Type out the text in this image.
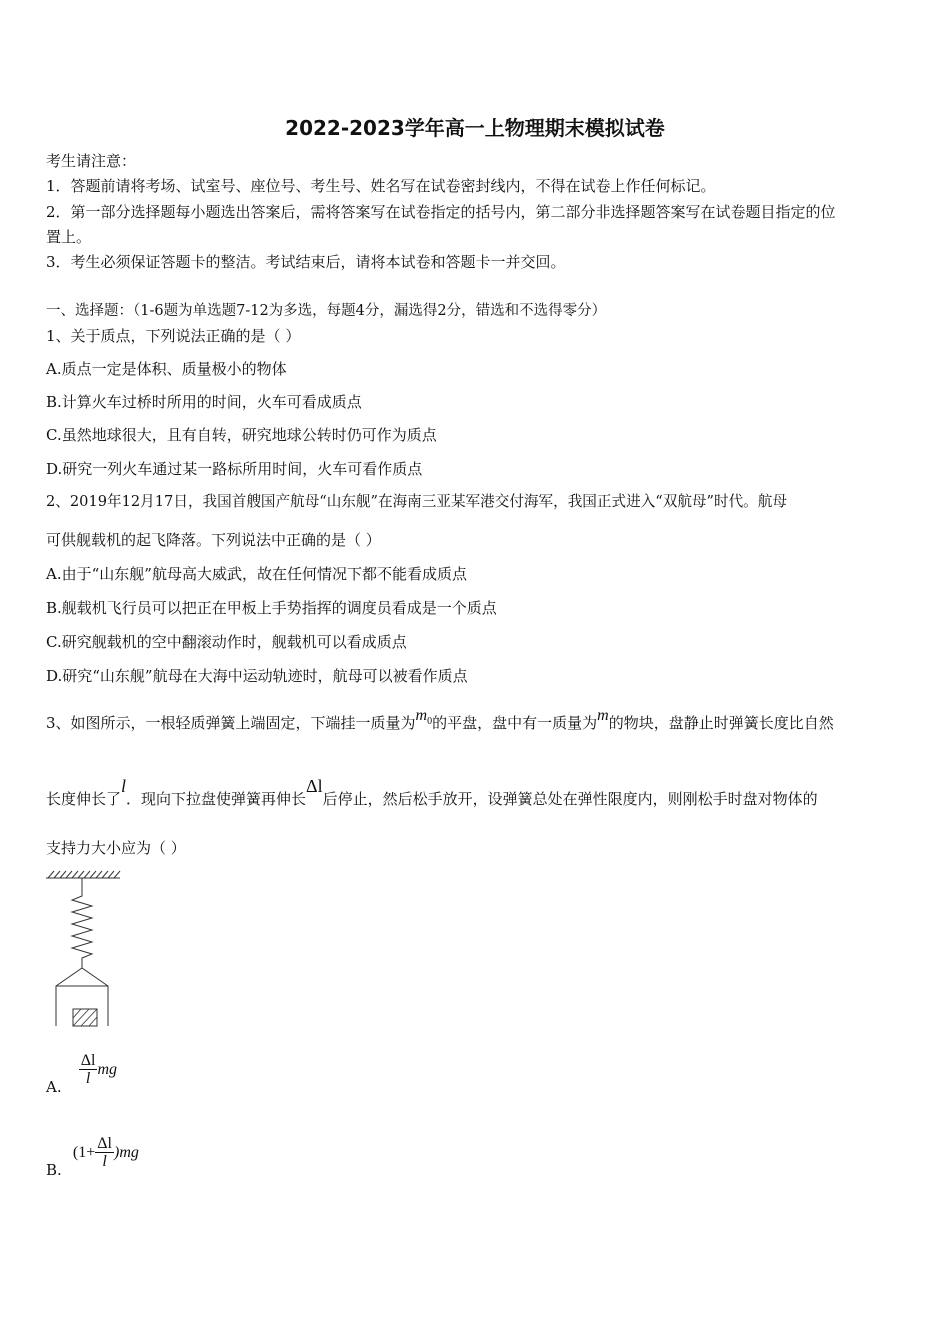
2022-2023学年高一上物理期末模拟试卷
考生请注意：
1．答题前请将考场、试室号、座位号、考生号、姓名写在试卷密封线内，不得在试卷上作任何标记。
2．第一部分选择题每小题选出答案后，需将答案写在试卷指定的括号内，第二部分非选择题答案写在试卷题目指定的位
置上。
3．考生必须保证答题卡的整洁。考试结束后，请将本试卷和答题卡一并交回。
一、选择题：（1-6题为单选题7-12为多选，每题4分，漏选得2分，错选和不选得零分）
1、关于质点，下列说法正确的是（ ）
A.质点一定是体积、质量极小的物体
B.计算火车过桥时所用的时间，火车可看成质点
C.虽然地球很大，且有自转，研究地球公转时仍可作为质点
D.研究一列火车通过某一路标所用时间，火车可看作质点
2、2019年12月17日，我国首艘国产航母“山东舰”在海南三亚某军港交付海军，我国正式进入“双航母”时代。航母
可供舰载机的起飞降落。下列说法中正确的是（ ）
A.由于“山东舰”航母高大威武，故在任何情况下都不能看成质点
B.舰载机飞行员可以把正在甲板上手势指挥的调度员看成是一个质点
C.研究舰载机的空中翻滚动作时，舰载机可以看成质点
D.研究“山东舰”航母在大海中运动轨迹时，航母可以被看作质点
3、如图所示，一根轻质弹簧上端固定，下端挂一质量为$m_0$的平盘，盘中有一质量为m的物块，盘静止时弹簧长度比自然
长度伸长了l．现向下拉盘使弹簧再伸长Δl后停止，然后松手放开，设弹簧总处在弹性限度内，则刚松手时盘对物体的
支持力大小应为（ ）
A. $\frac{\Delta l}{l}$ mg
B. $(1+ \frac{\Delta l}{l} )mg$
